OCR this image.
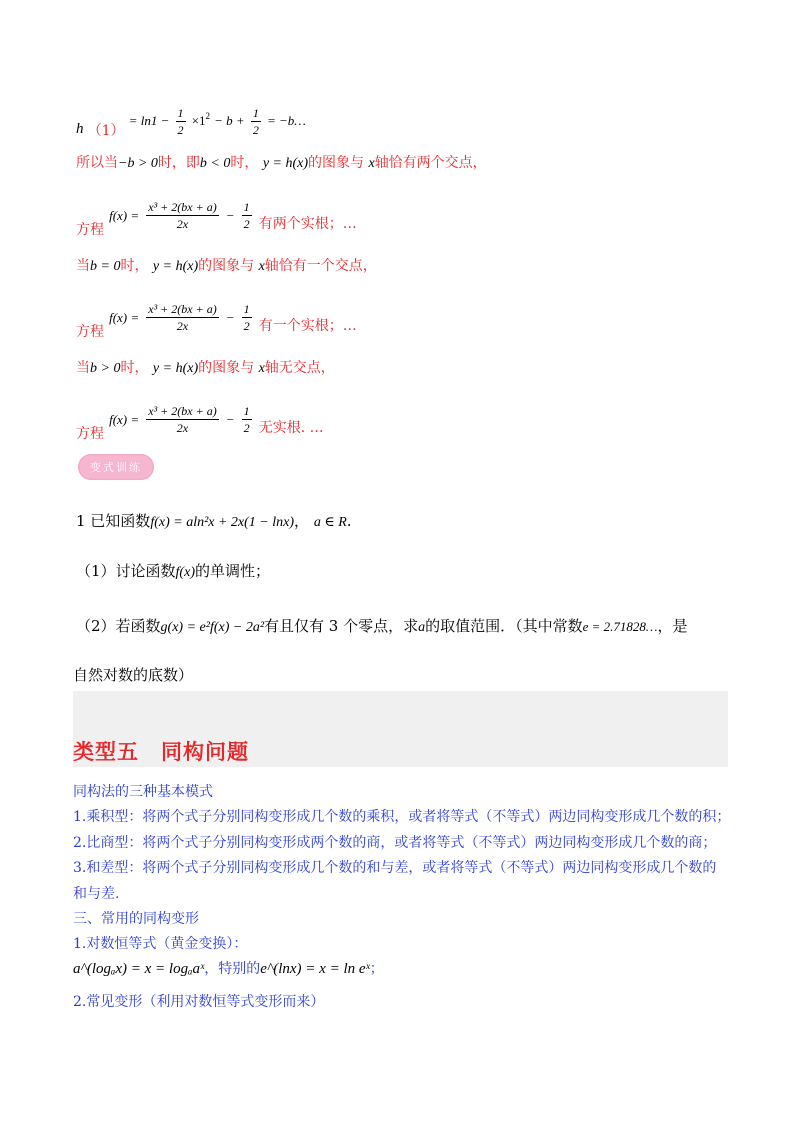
h $(1) = \ln 1 - \frac{1}{2} \times 1^2 - b + \frac{1}{2}$ = −b…
所以当−b > 0时，即b < 0时， y = h(x)的图象与 x轴恰有两个交点，
方程 $f(x) = \frac{\text{x³ + 2(bx + a)}}{2x} - \frac{1}{2}$ 有两个实根；…
当b = 0时， y = h(x)的图象与 x轴恰有一个交点，
方程 $f(x) = \frac{\text{x³ + 2(bx + a)}}{2x} - \frac{1}{2}$ 有一个实根；…
当b > 0时， y = h(x)的图象与 x轴无交点，
方程 $f(x) = \frac{\text{x³ + 2(bx + a)}}{2x} - \frac{1}{2}$ 无实根. …
变式训练
1 已知函数f(x) = aln²x + 2x(1 − lnx)， a ∈ R.
（1）讨论函数f(x)的单调性；
（2）若函数g(x) = e²f(x) − 2a²有且仅有 3 个零点，求a的取值范围．（其中常数e = 2.71828…，是
自然对数的底数）
类型五　同构问题
同构法的三种基本模式
1.乘积型：将两个式子分别同构变形成几个数的乘积，或者将等式（不等式）两边同构变形成几个数的积；
2.比商型：将两个式子分别同构变形成两个数的商，或者将等式（不等式）两边同构变形成几个数的商；
3.和差型：将两个式子分别同构变形成几个数的和与差，或者将等式（不等式）两边同构变形成几个数的
和与差.
三、常用的同构变形
1.对数恒等式（黄金变换）：
a^(logₐx) = x = logₐaˣ，特别的e^(lnx) = x = ln eˣ；
2.常见变形（利用对数恒等式变形而来）
